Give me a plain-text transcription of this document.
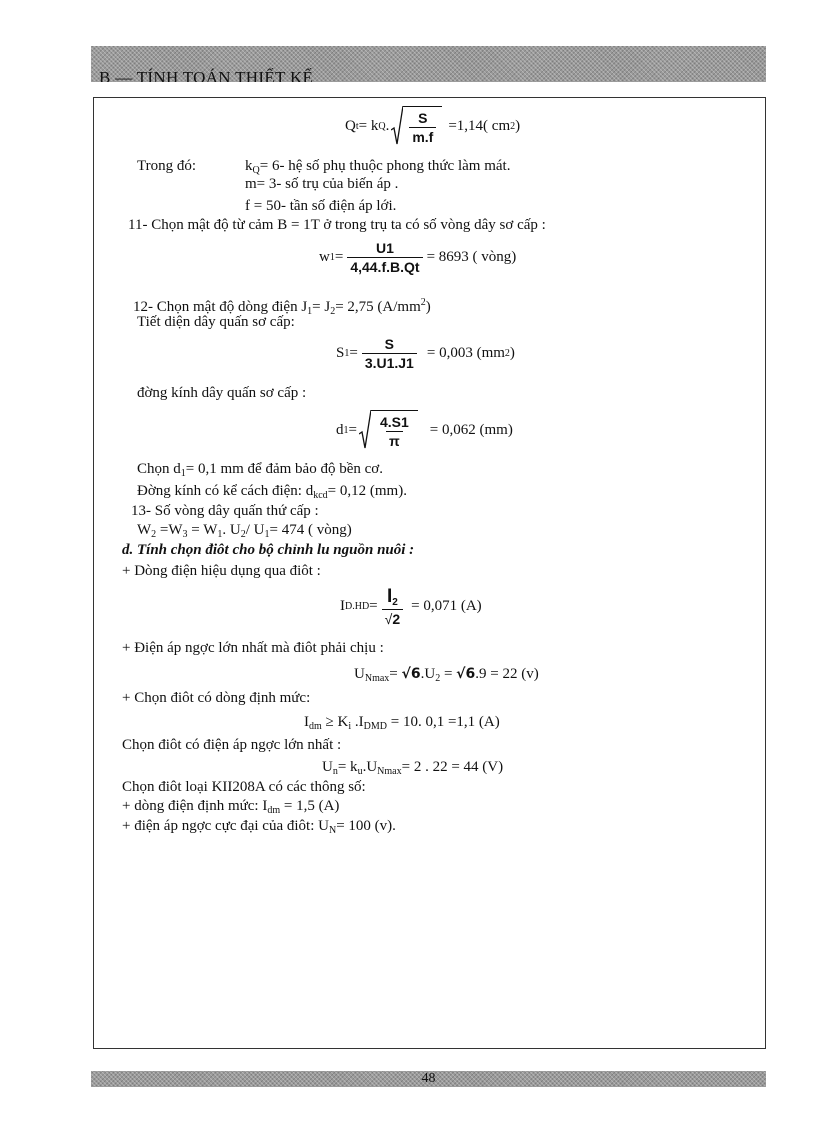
B — TÍNH TOÁN THIẾT KẾ
Q t = k Q . $\frac{S}{m.f} =1,14$( cm 2 )
Trong đó:	$k_Q= 6-$ hệ số phụ thuộc phong thức làm mát.
m= 3- số trụ của biến áp .
f = 50- tần số điện áp lới.
11- Chọn mật độ từ cảm B = 1T ở trong trụ ta có số vòng dây sơ cấp :
w $1 = \frac{U1}{4,44.f.B.Qt} = 8693$ ( vòng)
12- Chọn mật độ dòng điện $J_1= J_2= 2,75$ $(A/mm^2)$
Tiết diện dây quấn sơ cấp:
S $1 = \frac{S}{3.U1.J1} = 0,003$ (mm 2 )
đờng kính dây quấn sơ cấp :
d $1 = \frac{4.S1}{\pi} = 0,062$ (mm)
Chọn $d_1= 0,1$ mm để đảm bảo độ bền cơ.
Đờng kính có kể cách điện: $d_{kcd}= 0,12$ (mm).
13- Số vòng dây quấn thứ cấp :
$W_2 =W_3 = W_1$. $U_2/$ $U_1= 474$ ( vòng)
d. Tính chọn điôt cho bộ chỉnh lu nguồn nuôi :
+ Dòng điện hiệu dụng qua điôt :
I $D.HD = \frac{I_2}{√ 2} = 0,071$ (A)
+ Điện áp ngợc lớn nhất mà điôt phải chịu :
$U_{Nmax}= √6.U_2 = √6.9 = 22$ (v)
+ Chọn điôt có dòng định mức:
$I_{dm} \ge K_i$ $.I_{DMD} = 10$. 0,1 =1,1 (A)
Chọn điôt có điện áp ngợc lớn nhất :
$U_n= k_u.U_{Nmax}= 2$ . 22 = 44 (V)
Chọn điôt loại KII208A có các thông số:
+ dòng điện định mức: $I_{dm} = 1,5$ (A)
+ điện áp ngợc cực đại của điôt: $U_N= 100$ (v).
48
